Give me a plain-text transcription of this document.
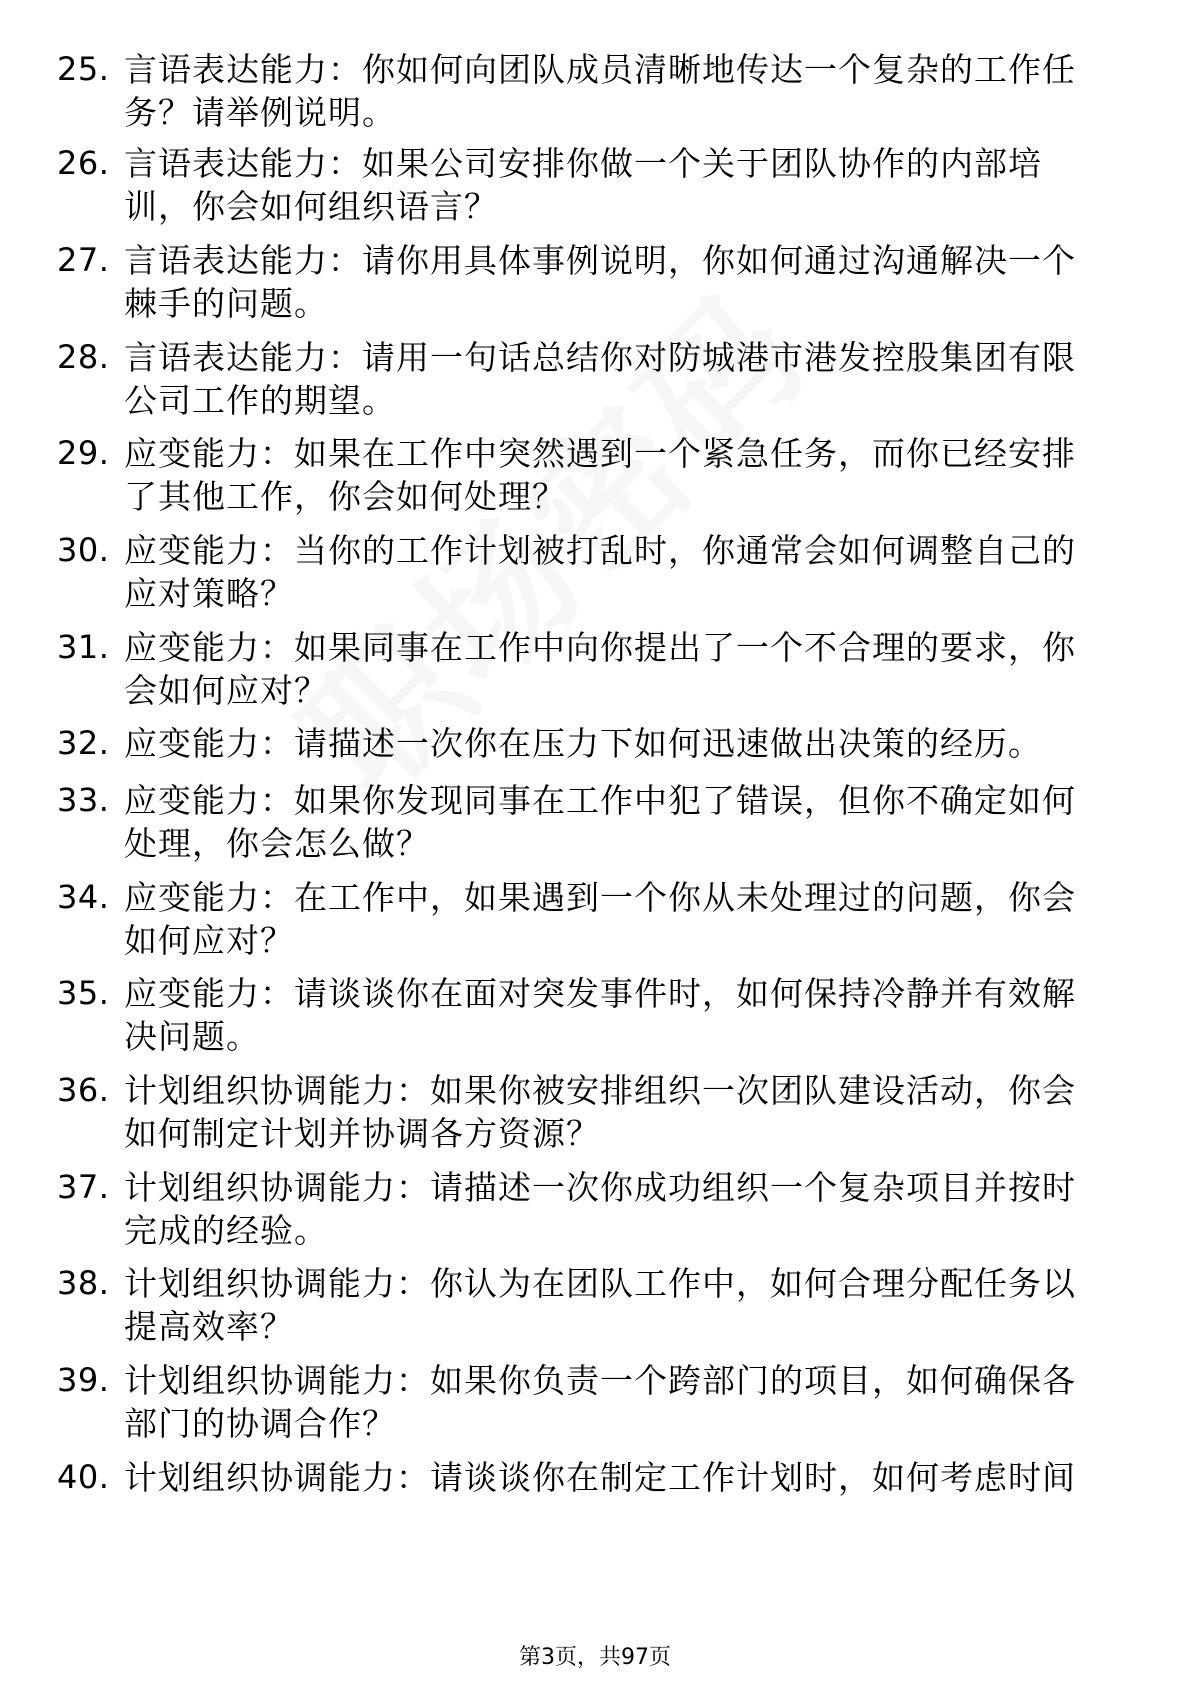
25. 言语表达能力：你如何向团队成员清晰地传达一个复杂的工作任务？请举例说明。
26. 言语表达能力：如果公司安排你做一个关于团队协作的内部培训，你会如何组织语言？
27. 言语表达能力：请你用具体事例说明，你如何通过沟通解决一个棘手的问题。
28. 言语表达能力：请用一句话总结你对防城港市港发控股集团有限公司工作的期望。
29. 应变能力：如果在工作中突然遇到一个紧急任务，而你已经安排了其他工作，你会如何处理？
30. 应变能力：当你的工作计划被打乱时，你通常会如何调整自己的应对策略？
31. 应变能力：如果同事在工作中向你提出了一个不合理的要求，你会如何应对？
32. 应变能力：请描述一次你在压力下如何迅速做出决策的经历。
33. 应变能力：如果你发现同事在工作中犯了错误，但你不确定如何处理，你会怎么做？
34. 应变能力：在工作中，如果遇到一个你从未处理过的问题，你会如何应对？
35. 应变能力：请谈谈你在面对突发事件时，如何保持冷静并有效解决问题。
36. 计划组织协调能力：如果你被安排组织一次团队建设活动，你会如何制定计划并协调各方资源？
37. 计划组织协调能力：请描述一次你成功组织一个复杂项目并按时完成的经验。
38. 计划组织协调能力：你认为在团队工作中，如何合理分配任务以提高效率？
39. 计划组织协调能力：如果你负责一个跨部门的项目，如何确保各部门的协调合作？
40. 计划组织协调能力：请谈谈你在制定工作计划时，如何考虑时间
第3页，共97页
